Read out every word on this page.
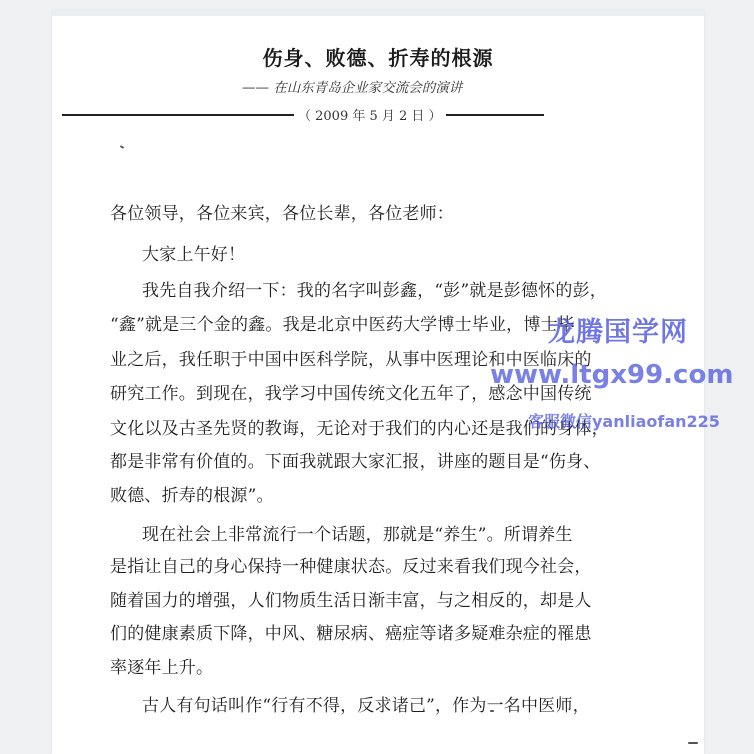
伤身、败德、折寿的根源
—— 在山东青岛企业家交流会的演讲
（ 2009 年 5 月 2 日 ）
各位领导，各位来宾，各位长辈，各位老师：
大家上午好！
我先自我介绍一下：我的名字叫彭鑫，“彭”就是彭德怀的彭，
“鑫”就是三个金的鑫。我是北京中医药大学博士毕业，博士毕
业之后，我任职于中国中医科学院，从事中医理论和中医临床的
研究工作。到现在，我学习中国传统文化五年了，感念中国传统
文化以及古圣先贤的教诲，无论对于我们的内心还是我们的身体，
都是非常有价值的。下面我就跟大家汇报，讲座的题目是“伤身、
败德、折寿的根源”。
现在社会上非常流行一个话题，那就是“养生”。所谓养生
是指让自己的身心保持一种健康状态。反过来看我们现今社会，
随着国力的增强，人们物质生活日渐丰富，与之相反的，却是人
们的健康素质下降，中风、糖尿病、癌症等诸多疑难杂症的罹患
率逐年上升。
古人有句话叫作“行有不得，反求诸己”，作为一名中医师，
龙腾国学网
www.ltgx99.com
客服微信yanliaofan225
